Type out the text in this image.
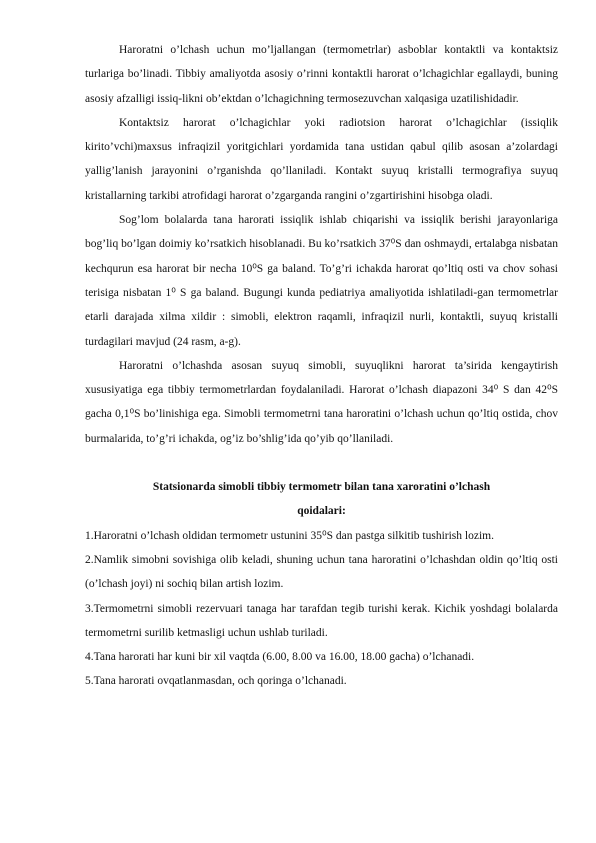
Haroratni o’lchash uchun mo’ljallangan (termometrlar) asboblar kontaktli va kontaktsiz turlariga bo’linadi. Tibbiy amaliyotda asosiy o’rinni kontaktli harorat o’lchagichlar egallaydi, buning asosiy afzalligi issiq-likni ob’ektdan o’lchagichning termosezuvchan xalqasiga uzatilishidadir.

Kontaktsiz harorat o’lchagichlar yoki radiotsion harorat o’lchagichlar (issiqlik kirito’vchi)maxsus infraqizil yoritgichlari yordamida tana ustidan qabul qilib asosan a’zolardagi yallig’lanish jarayonini o’rganishda qo’llaniladi. Kontakt suyuq kristalli termografiya suyuq kristallarning tarkibi atrofidagi harorat o’zgarganda rangini o’zgartirishini hisobga oladi.

Sog’lom bolalarda tana harorati issiqlik ishlab chiqarishi va issiqlik berishi jarayonlariga bog’liq bo’lgan doimiy ko’rsatkich hisoblanadi. Bu ko’rsatkich 37⁰S dan oshmaydi, ertalabga nisbatan kechqurun esa harorat bir necha 10⁰S ga baland. To’g’ri ichakda harorat qo’ltiq osti va chov sohasi terisiga nisbatan 1⁰ S ga baland. Bugungi kunda pediatriya amaliyotida ishlatiladi-gan termometrlar etarli darajada xilma xildir : simobli, elektron raqamli, infraqizil nurli, kontaktli, suyuq kristalli turdagilari mavjud (24 rasm, a-g).

Haroratni o’lchashda asosan suyuq simobli, suyuqlikni harorat ta’sirida kengaytirish xususiyatiga ega tibbiy termometrlardan foydalaniladi. Harorat o’lchash diapazoni 34⁰ S dan 42⁰S gacha 0,1⁰S bo’linishiga ega. Simobli termometrni tana haroratini o’lchash uchun qo’ltiq ostida, chov burmalarida, to’g’ri ichakda, og’iz bo’shlig’ida qo’yib qo’llaniladi.

Statsionarda simobli tibbiy termometr bilan tana xaroratini o’lchash

qoidalari:

1.Haroratni o’lchash oldidan termometr ustunini 35⁰S dan pastga silkitib tushirish lozim.

2.Namlik simobni sovishiga olib keladi, shuning uchun tana haroratini o’lchashdan oldin qo’ltiq osti (o’lchash joyi) ni sochiq bilan artish lozim.

3.Termometrni simobli rezervuari tanaga har tarafdan tegib turishi kerak. Kichik yoshdagi bolalarda termometrni surilib ketmasligi uchun ushlab turiladi.

4.Tana harorati har kuni bir xil vaqtda (6.00, 8.00 va 16.00, 18.00 gacha) o’lchanadi.

5.Tana harorati ovqatlanmasdan, och qoringa o’lchanadi.
